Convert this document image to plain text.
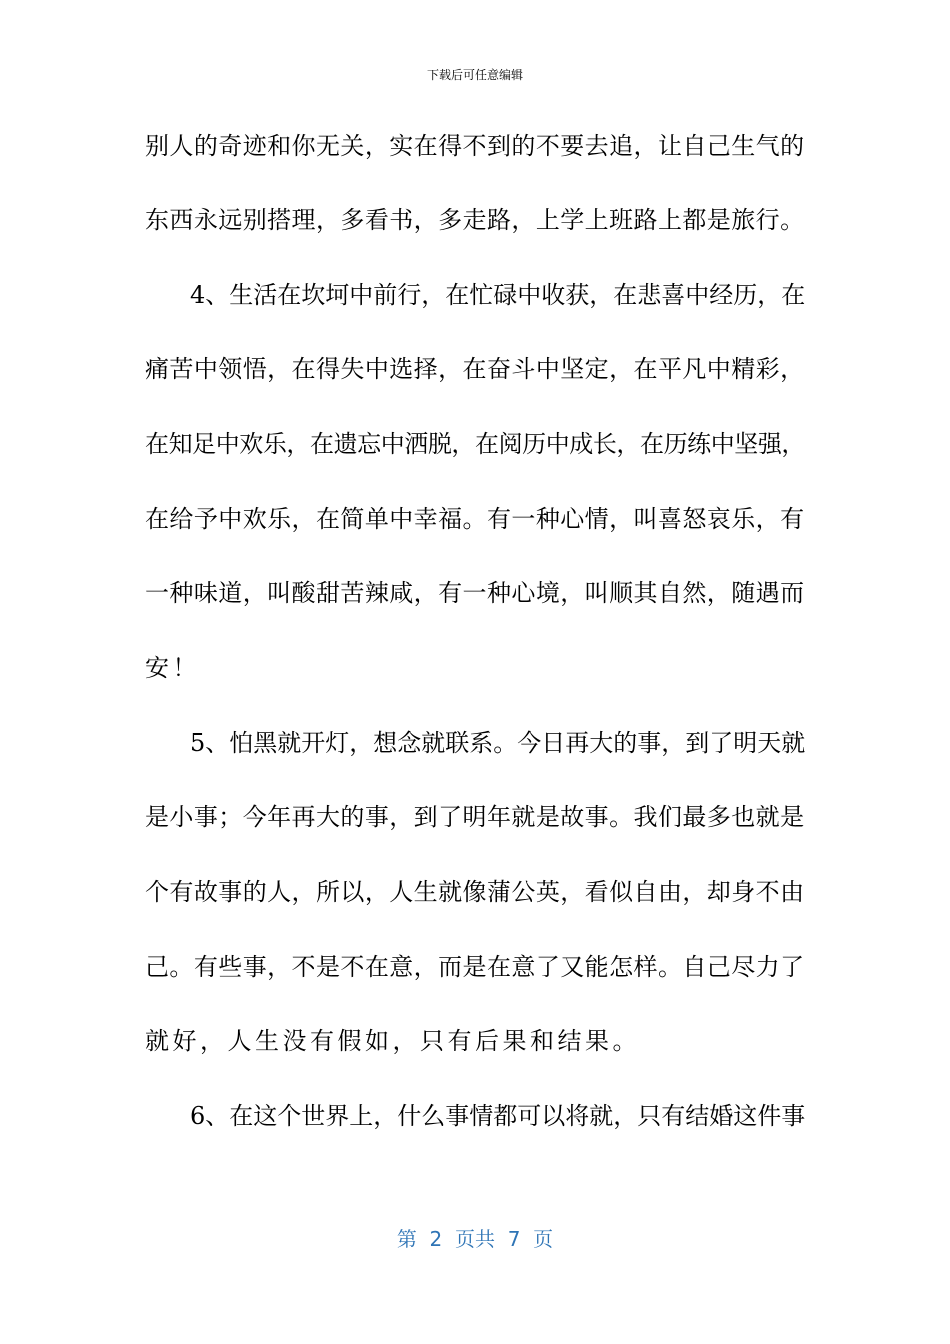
下载后可任意编辑
别人的奇迹和你无关，实在得不到的不要去追，让自己生气的
东西永远别搭理，多看书，多走路，上学上班路上都是旅行。
4、生活在坎坷中前行，在忙碌中收获，在悲喜中经历，在
痛苦中领悟，在得失中选择，在奋斗中坚定，在平凡中精彩，
在知足中欢乐，在遗忘中洒脱，在阅历中成长，在历练中坚强，
在给予中欢乐，在简单中幸福。有一种心情，叫喜怒哀乐，有
一种味道，叫酸甜苦辣咸，有一种心境，叫顺其自然，随遇而
安！
5、怕黑就开灯，想念就联系。今日再大的事，到了明天就
是小事；今年再大的事，到了明年就是故事。我们最多也就是
个有故事的人，所以，人生就像蒲公英，看似自由，却身不由
己。有些事，不是不在意，而是在意了又能怎样。自己尽力了
就好，人生没有假如，只有后果和结果。
6、在这个世界上，什么事情都可以将就，只有结婚这件事
第  2  页共  7  页
